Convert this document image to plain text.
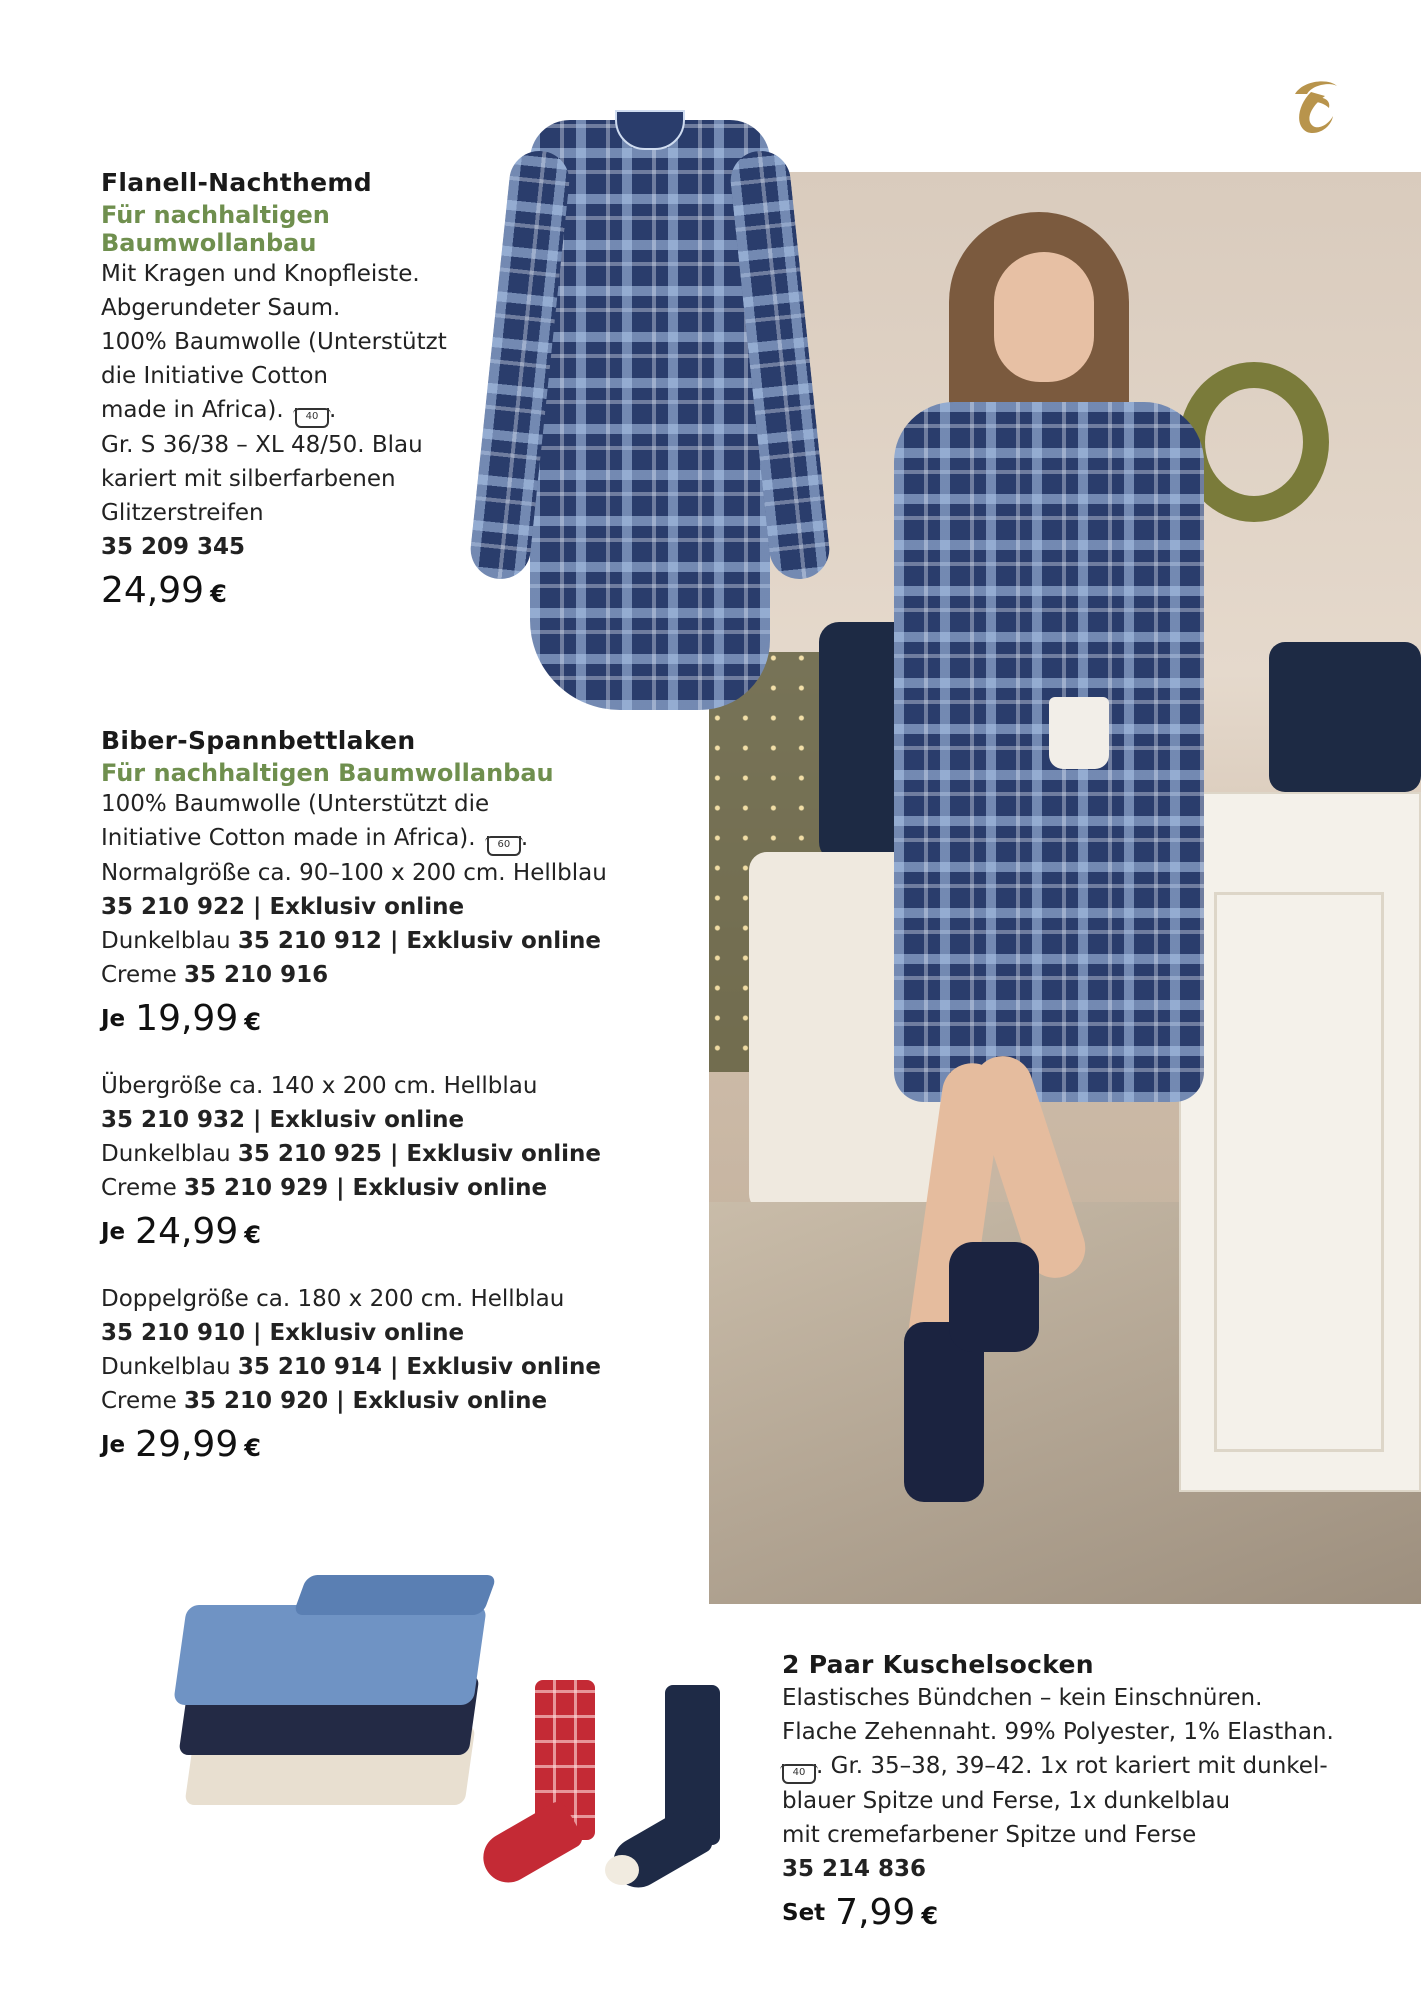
Flanell-Nachthemd
Für nachhaltigen
Baumwollanbau
Mit Kragen und Knopfleiste.
Abgerundeter Saum.
100% Baumwolle (Unterstützt
die Initiative Cotton
made in Africa). 40 .
Gr. S 36/38 – XL 48/50. Blau
kariert mit silberfarbenen
Glitzerstreifen
35 209 345
24,99 €
Biber-Spannbettlaken
Für nachhaltigen Baumwollanbau
100% Baumwolle (Unterstützt die
Initiative Cotton made in Africa). 60 .
Normalgröße ca. 90–100 x 200 cm. Hellblau
35 210 922 | Exklusiv online
Dunkelblau 35 210 912 | Exklusiv online
Creme 35 210 916
Je 19,99 €
Übergröße ca. 140 x 200 cm. Hellblau
35 210 932 | Exklusiv online
Dunkelblau 35 210 925 | Exklusiv online
Creme 35 210 929 | Exklusiv online
Je 24,99 €
Doppelgröße ca. 180 x 200 cm. Hellblau
35 210 910 | Exklusiv online
Dunkelblau 35 210 914 | Exklusiv online
Creme 35 210 920 | Exklusiv online
Je 29,99 €
2 Paar Kuschelsocken
Elastisches Bündchen – kein Einschnüren.
Flache Zehennaht. 99% Polyester, 1% Elasthan.
40 . Gr. 35–38, 39–42. 1x rot kariert mit dunkel-
blauer Spitze und Ferse, 1x dunkelblau
mit cremefarbener Spitze und Ferse
35 214 836
Set 7,99 €
